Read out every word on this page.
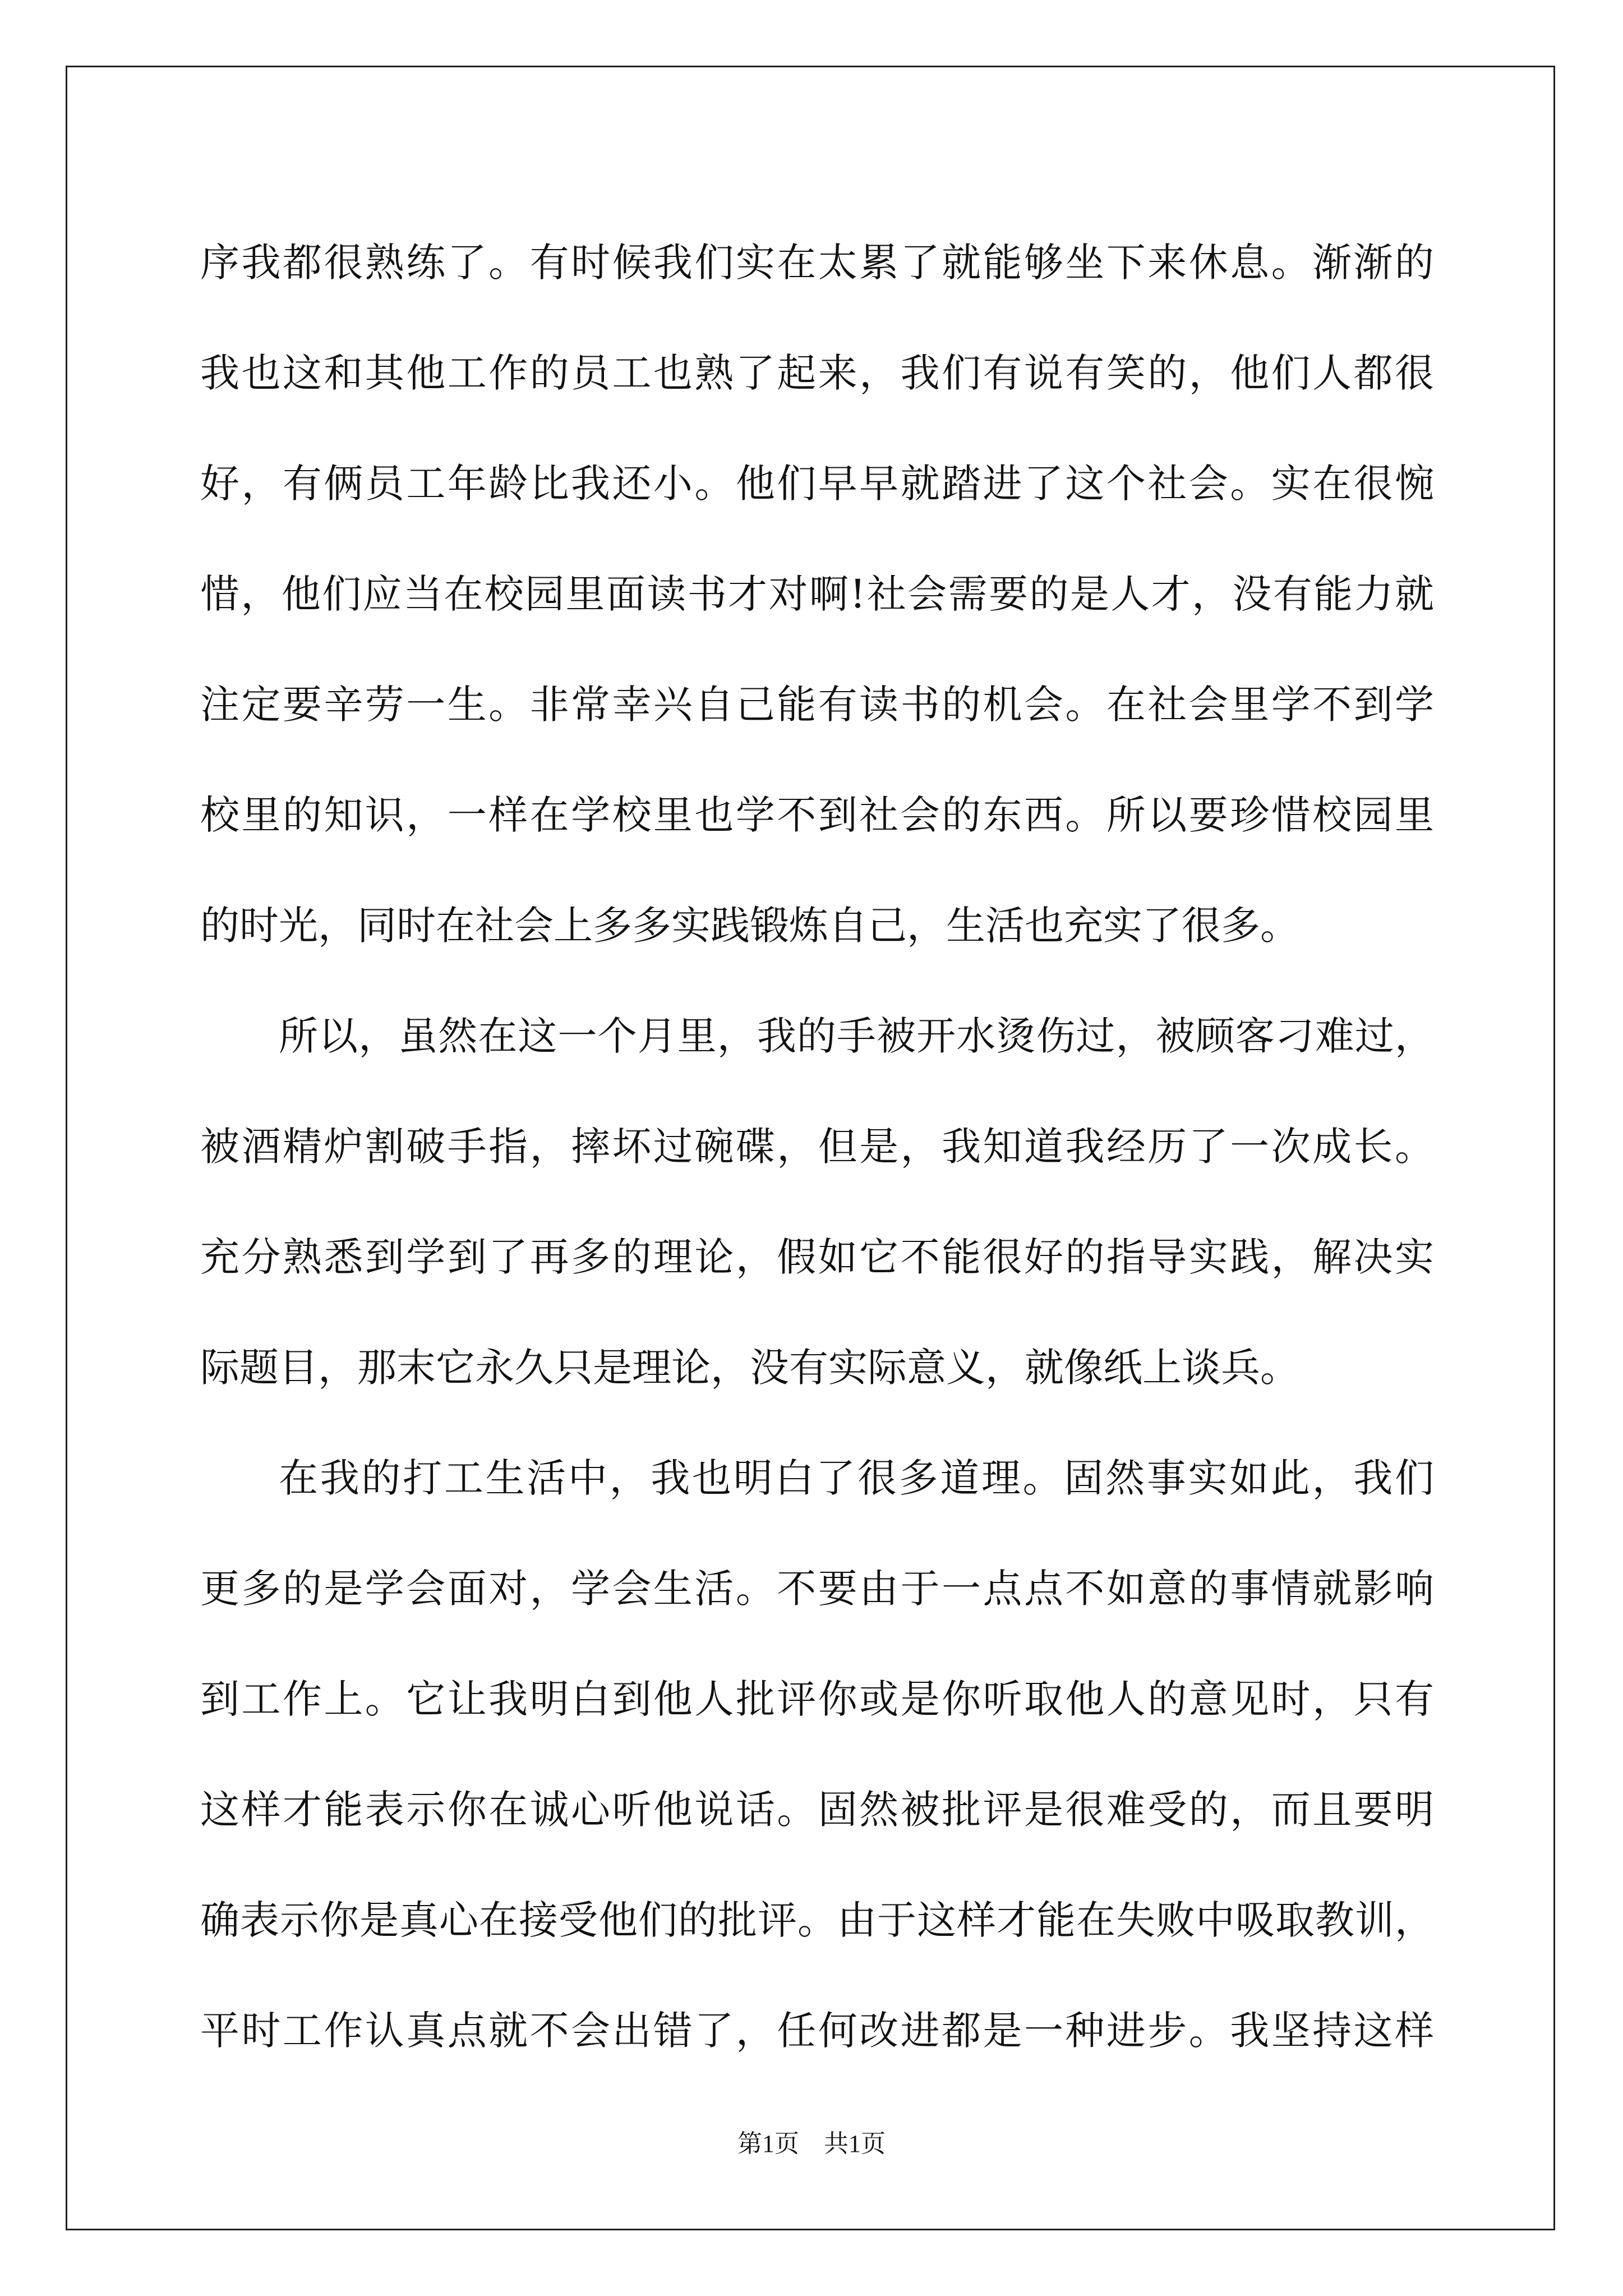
序我都很熟练了。有时候我们实在太累了就能够坐下来休息。渐渐的
我也这和其他工作的员工也熟了起来，我们有说有笑的，他们人都很
好，有俩员工年龄比我还小。他们早早就踏进了这个社会。实在很惋
惜，他们应当在校园里面读书才对啊!社会需要的是人才，没有能力就
注定要辛劳一生。非常幸兴自己能有读书的机会。在社会里学不到学
校里的知识，一样在学校里也学不到社会的东西。所以要珍惜校园里
的时光，同时在社会上多多实践锻炼自己，生活也充实了很多。
所以，虽然在这一个月里，我的手被开水烫伤过，被顾客刁难过，
被酒精炉割破手指，摔坏过碗碟，但是，我知道我经历了一次成长。
充分熟悉到学到了再多的理论，假如它不能很好的指导实践，解决实
际题目，那末它永久只是理论，没有实际意义，就像纸上谈兵。
在我的打工生活中，我也明白了很多道理。固然事实如此，我们
更多的是学会面对，学会生活。不要由于一点点不如意的事情就影响
到工作上。它让我明白到他人批评你或是你听取他人的意见时，只有
这样才能表示你在诚心听他说话。固然被批评是很难受的，而且要明
确表示你是真心在接受他们的批评。由于这样才能在失败中吸取教训，
平时工作认真点就不会出错了，任何改进都是一种进步。我坚持这样
第1页　共1页
